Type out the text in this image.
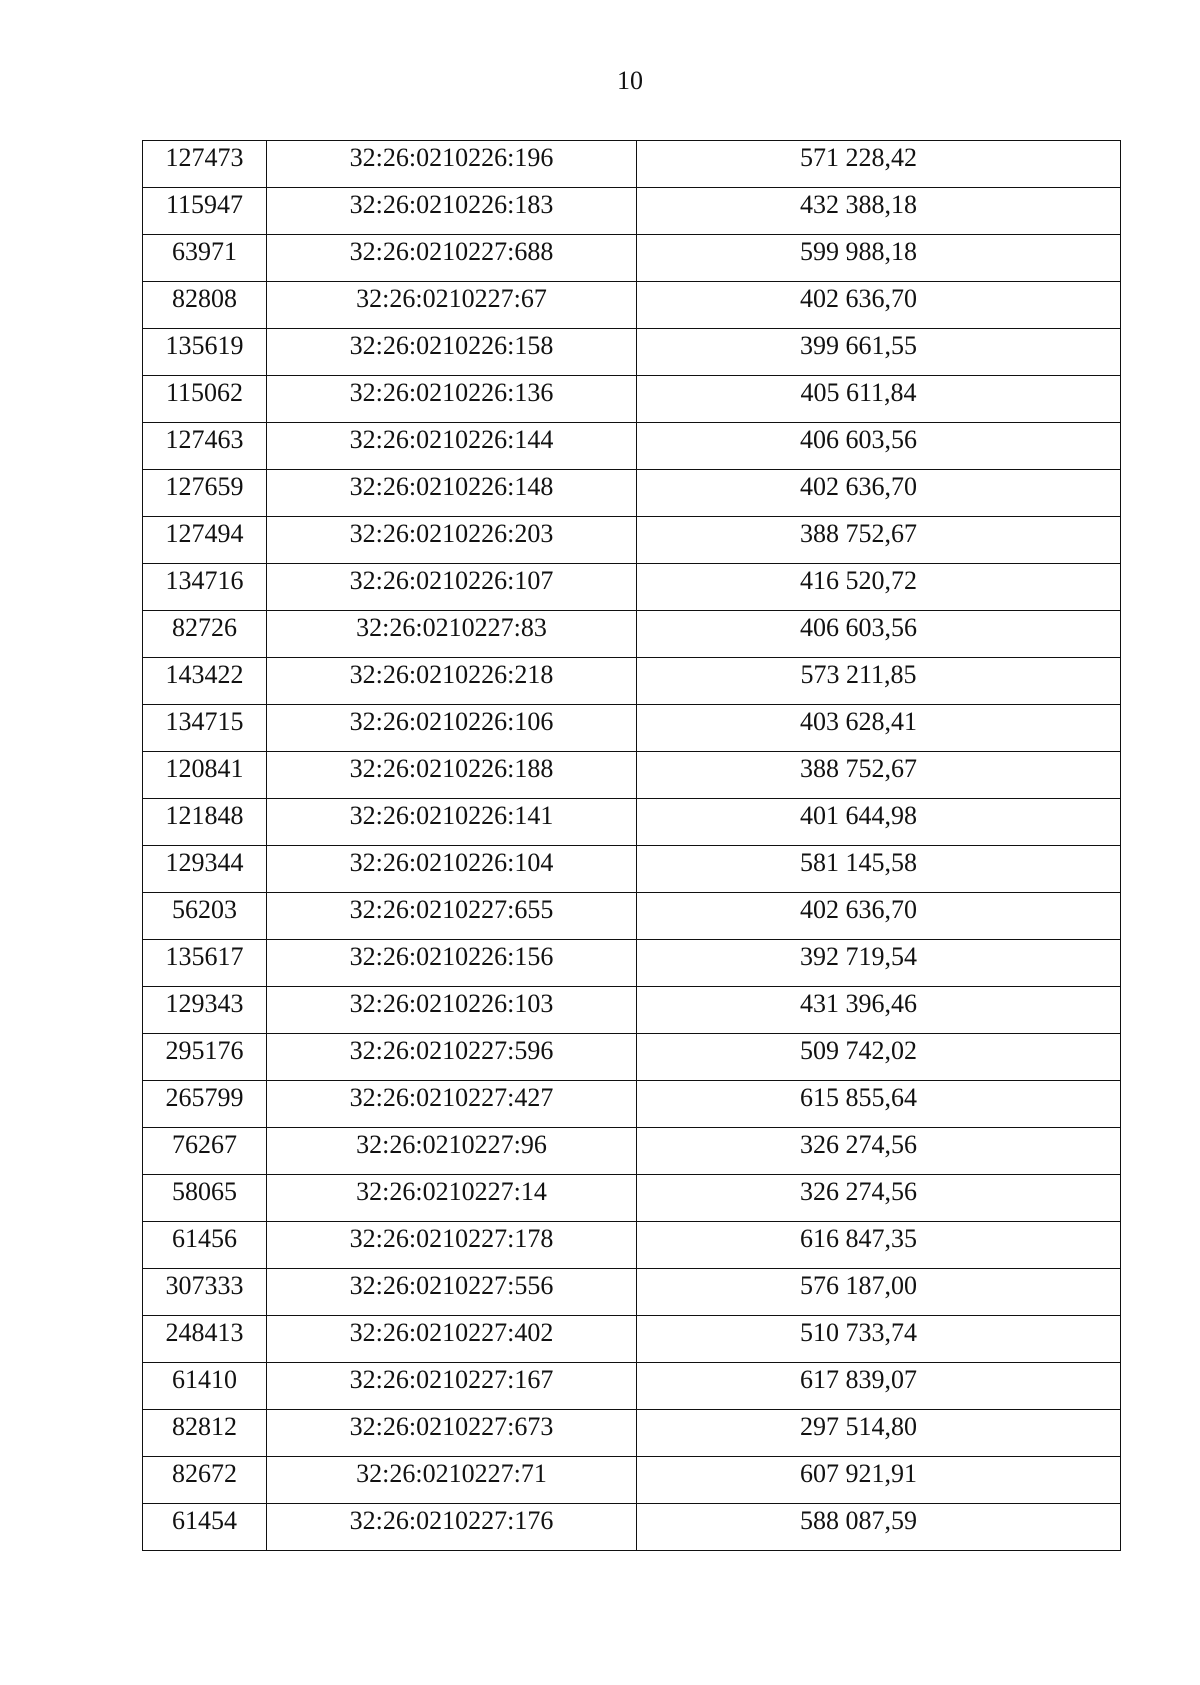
10
127473	32:26:0210226:196	571 228,42
115947	32:26:0210226:183	432 388,18
63971	32:26:0210227:688	599 988,18
82808	32:26:0210227:67	402 636,70
135619	32:26:0210226:158	399 661,55
115062	32:26:0210226:136	405 611,84
127463	32:26:0210226:144	406 603,56
127659	32:26:0210226:148	402 636,70
127494	32:26:0210226:203	388 752,67
134716	32:26:0210226:107	416 520,72
82726	32:26:0210227:83	406 603,56
143422	32:26:0210226:218	573 211,85
134715	32:26:0210226:106	403 628,41
120841	32:26:0210226:188	388 752,67
121848	32:26:0210226:141	401 644,98
129344	32:26:0210226:104	581 145,58
56203	32:26:0210227:655	402 636,70
135617	32:26:0210226:156	392 719,54
129343	32:26:0210226:103	431 396,46
295176	32:26:0210227:596	509 742,02
265799	32:26:0210227:427	615 855,64
76267	32:26:0210227:96	326 274,56
58065	32:26:0210227:14	326 274,56
61456	32:26:0210227:178	616 847,35
307333	32:26:0210227:556	576 187,00
248413	32:26:0210227:402	510 733,74
61410	32:26:0210227:167	617 839,07
82812	32:26:0210227:673	297 514,80
82672	32:26:0210227:71	607 921,91
61454	32:26:0210227:176	588 087,59
